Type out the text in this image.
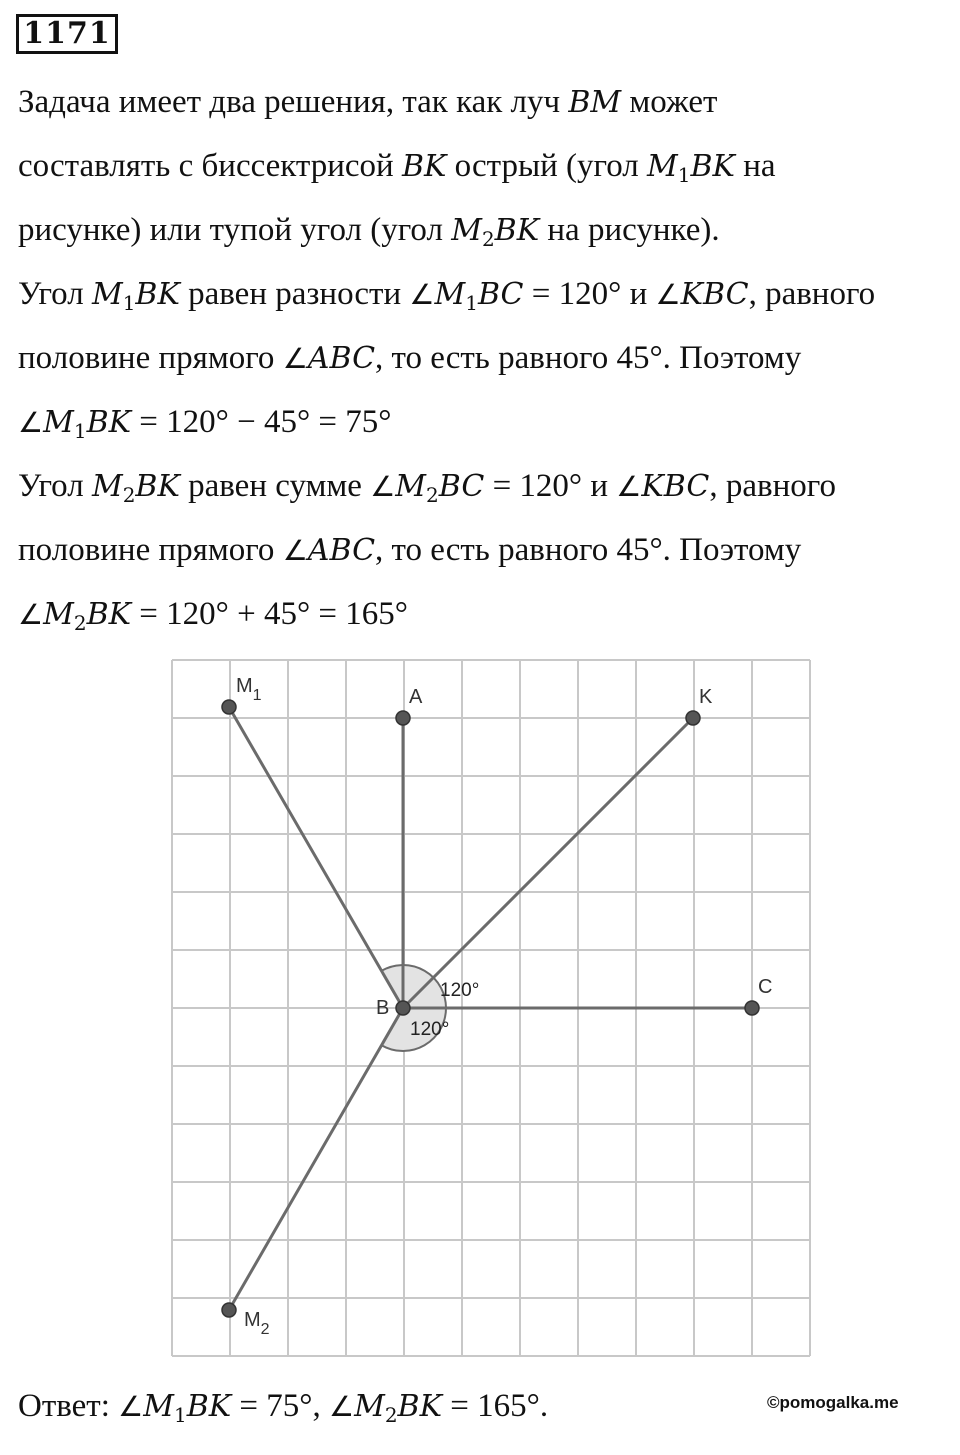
1171
Задача имеет два решения, так как луч BM может
составлять с биссектрисой BK острый (угол $M_1BK$ на
рисунке) или тупой угол (угол $M_2BK$ на рисунке).
Угол $M_1BK$ равен разности $\angle M_1BC = 120^\circ$ и ∠KBC, равного
половине прямого ∠ABC, то есть равного 45°. Поэтому
$\angle M_1BK = 120^\circ - 45^\circ = 75^\circ$
Угол $M_2BK$ равен сумме $\angle M_2BC = 120^\circ$ и ∠KBC, равного
половине прямого ∠ABC, то есть равного 45°. Поэтому
$\angle M_2BK = 120^\circ + 45^\circ = 165^\circ$
$M_1$	A	K
B
C
$M_2$
120°
120°
Ответ: $\angle M_1BK = 75^\circ$, $\angle M_2BK = 165^\circ$.	©pomogalka.me
